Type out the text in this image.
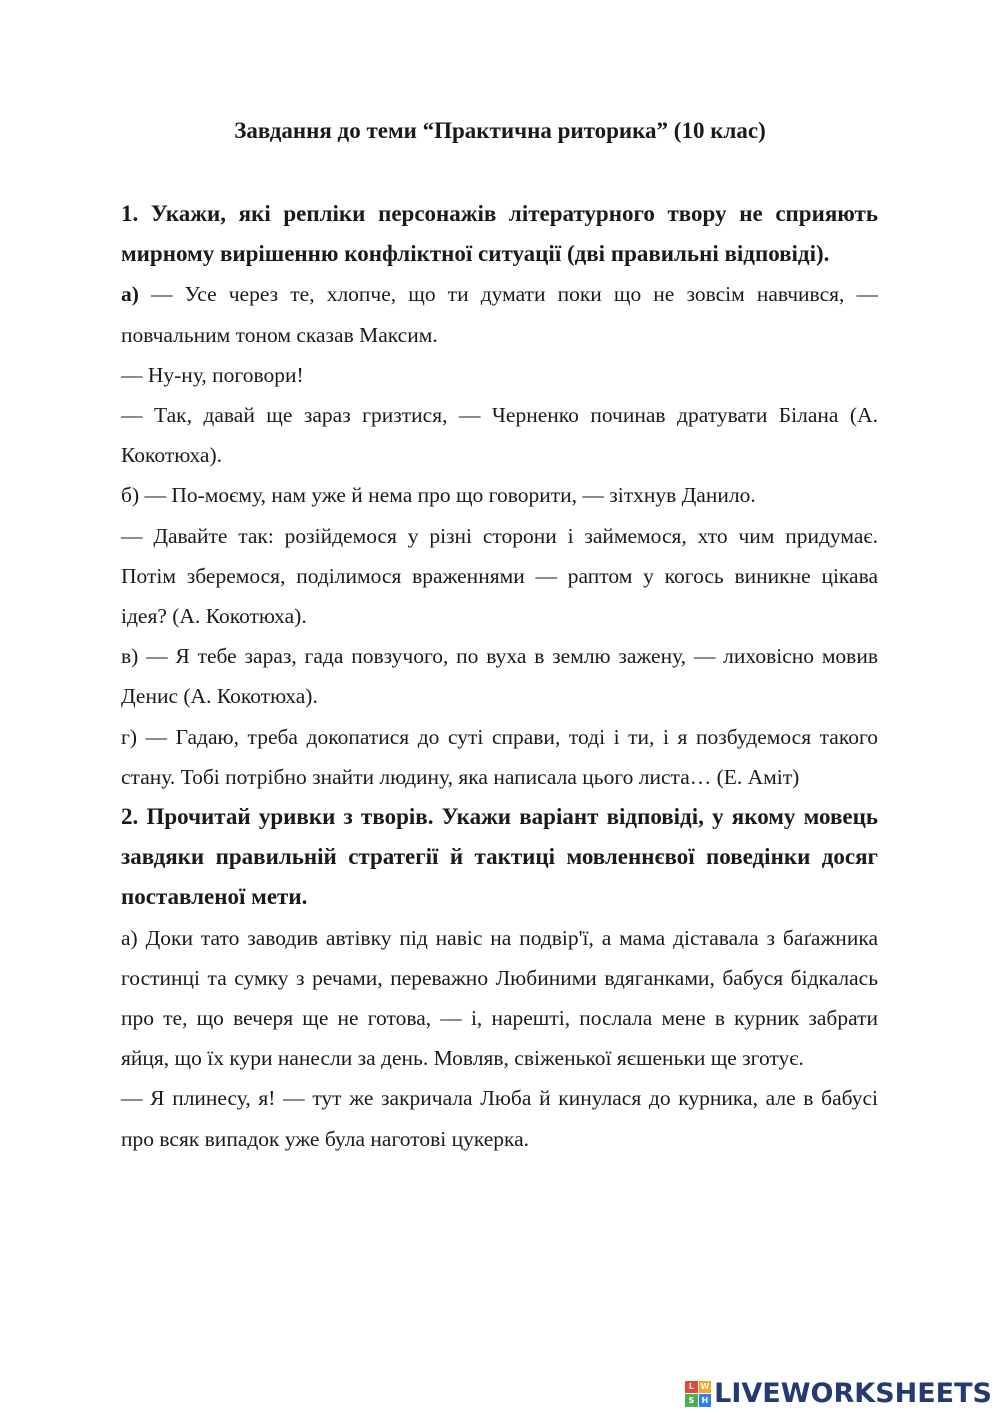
Завдання до теми “Практична риторика” (10 клас)

1. Укажи, які репліки персонажів літературного твору не сприяють мирному вирішенню конфліктної ситуації (дві правильні відповіді).

а) — Усе через те, хлопче, що ти думати поки що не зовсім навчився, — повчальним тоном сказав Максим.

— Ну-ну, поговори!

— Так, давай ще зараз гризтися, — Черненко починав дратувати Білана (А. Кокотюха).

б) — По-моєму, нам уже й нема про що говорити, — зітхнув Данило.

— Давайте так: розійдемося у різні сторони і займемося, хто чим придумає. Потім зберемося, поділимося враженнями — раптом у когось виникне цікава ідея? (А. Кокотюха).

в) — Я тебе зараз, гада повзучого, по вуха в землю зажену, — лиховісно мовив Денис (А. Кокотюха).

г) — Гадаю, треба докопатися до суті справи, тоді і ти, і я позбудемося такого стану. Тобі потрібно знайти людину, яка написала цього листа… (Е. Аміт)

2. Прочитай уривки з творів. Укажи варіант відповіді, у якому мовець завдяки правильній стратегії й тактиці мовленнєвої поведінки досяг поставленої мети.

а) Доки тато заводив автівку під навіс на подвір'ї, а мама діставала з баґажника гостинці та сумку з речами, переважно Любиними вдяганками, бабуся бідкалась про те, що вечеря ще не готова, — і, нарешті, послала мене в курник забрати яйця, що їх кури нанесли за день. Мовляв, свіженької яєшеньки ще зготує.

— Я плинесу, я! — тут же закричала Люба й кинулася до курника, але в бабусі про всяк випадок уже була наготові цукерка.

L W
S H LIVEWORKSHEETS
